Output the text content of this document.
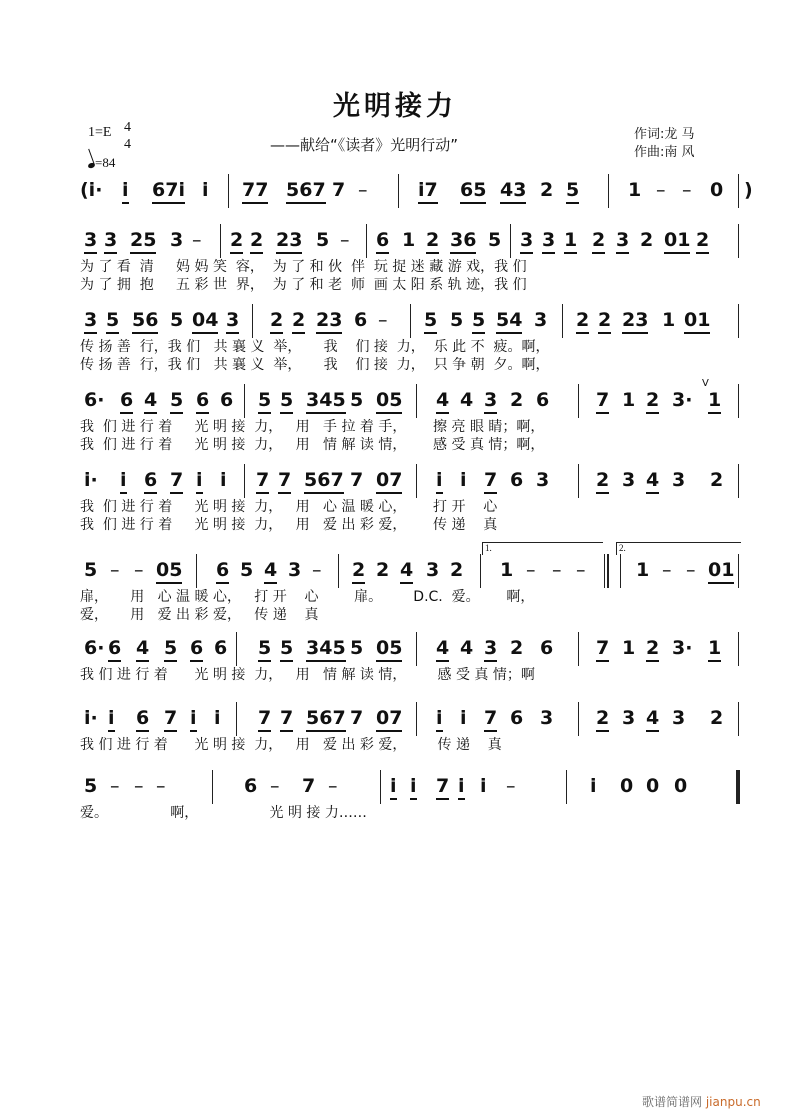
光明接力
1=E 4
4
=84
——献给“《读者》光明行动”
作词:龙 马
作曲:南 风
(i· i 67i i 77 567 7 –	i7 65 43 2 5	1 – – 0 )
为 了 看  清     妈 妈 笑  容，  为 了 和 伙  伴  玩 捉 迷 藏 游 戏，我 们
为 了 拥  抱     五 彩 世  界，  为 了 和 老  师  画 太 阳 系 轨 迹，我 们
3 3 25 3 – 2 2 23 5 – 6 1 2 36 5 3 3 1 2 3 2 01 2
传 扬 善  行，我 们   共 襄 义  举，     我    们 接  力，  乐 此 不  疲。啊，
传 扬 善  行，我 们   共 襄 义  举，     我    们 接  力，  只 争 朝  夕。啊，
3 5 56 5 04 3 2 2 23 6 – 5 5 5 54 3 2 2 23 1 01
我  们 进 行 着     光 明 接  力，   用   手 拉 着 手，      擦 亮 眼 睛；啊，
我  们 进 行 着     光 明 接  力，   用   情 解 读 情，      感 受 真 情；啊，
V
6· 6 4 5 6 6 5 5 345 5 05 4 4 3 2 6 7 1 2 3· 1
我  们 进 行 着     光 明 接  力，   用   心 温 暖 心，      打 开    心
我  们 进 行 着     光 明 接  力，   用   爱 出 彩 爱，      传 递    真
i· i 6 7 i i 7 7 567 7 07 i i 7 6 3 2 3 4 3 2
1.	2.
扉，     用   心 温 暖 心，   打 开    心        扉。       D.C.  爱。      啊，
爱，     用   爱 出 彩 爱，   传 递    真
5 – – 05 6 5 4 3 – 2 2 4 3 2 1 – – –	1 – – 01
我 们 进 行 着      光 明 接  力，   用   情 解 读 情，       感 受 真 情；啊
6· 6 4 5 6 6 5 5 345 5 05 4 4 3 2 6 7 1 2 3· 1
我 们 进 行 着      光 明 接  力，   用   爱 出 彩 爱，       传 递    真
i· i 6 7 i i 7 7 567 7 07 i i 7 6 3 2 3 4 3 2
爱。              啊，                光 明 接 力……
5 – – –	6 – 7 –	i i 7 i i –	i 0 0 0
歌谱简谱网 jianpu.cn
